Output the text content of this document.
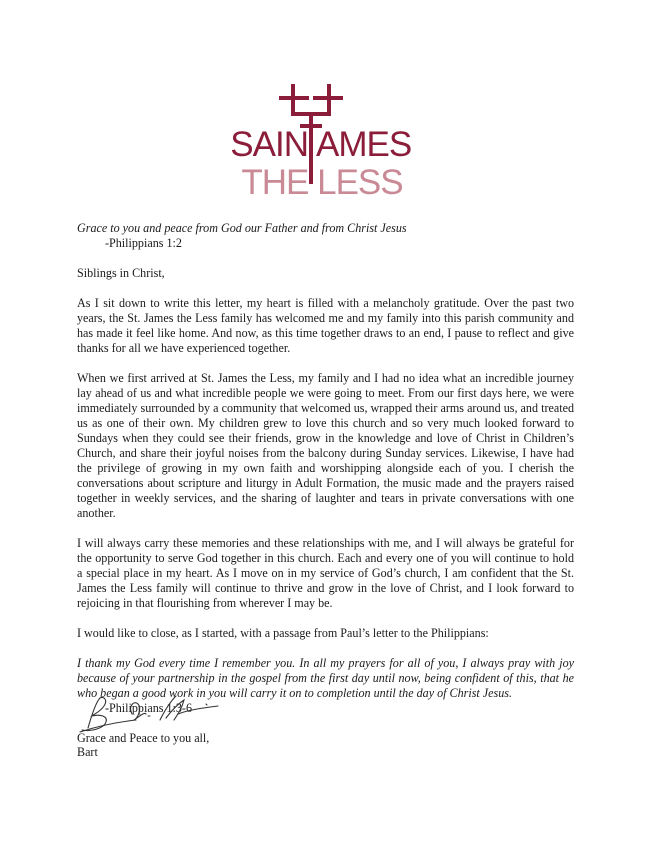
SAIN AMES
THE LESS

Grace to you and peace from God our Father and from Christ Jesus

-Philippians 1:2

Siblings in Christ,

As I sit down to write this letter, my heart is filled with a melancholy gratitude. Over the past two years, the St. James the Less family has welcomed me and my family into this parish community and has made it feel like home. And now, as this time together draws to an end, I pause to reflect and give thanks for all we have experienced together.

When we first arrived at St. James the Less, my family and I had no idea what an incredible journey lay ahead of us and what incredible people we were going to meet. From our first days here, we were immediately surrounded by a community that welcomed us, wrapped their arms around us, and treated us as one of their own. My children grew to love this church and so very much looked forward to Sundays when they could see their friends, grow in the knowledge and love of Christ in Children’s Church, and share their joyful noises from the balcony during Sunday services. Likewise, I have had the privilege of growing in my own faith and worshipping alongside each of you. I cherish the conversations about scripture and liturgy in Adult Formation, the music made and the prayers raised together in weekly services, and the sharing of laughter and tears in private conversations with one another.

I will always carry these memories and these relationships with me, and I will always be grateful for the opportunity to serve God together in this church. Each and every one of you will continue to hold a special place in my heart. As I move on in my service of God’s church, I am confident that the St. James the Less family will continue to thrive and grow in the love of Christ, and I look forward to rejoicing in that flourishing from wherever I may be.

I would like to close, as I started, with a passage from Paul’s letter to the Philippians:

I thank my God every time I remember you. In all my prayers for all of you, I always pray with joy because of your partnership in the gospel from the first day until now, being confident of this, that he who began a good work in you will carry it on to completion until the day of Christ Jesus.

-Philippians 1:3-6

Grace and Peace to you all,

Bart
